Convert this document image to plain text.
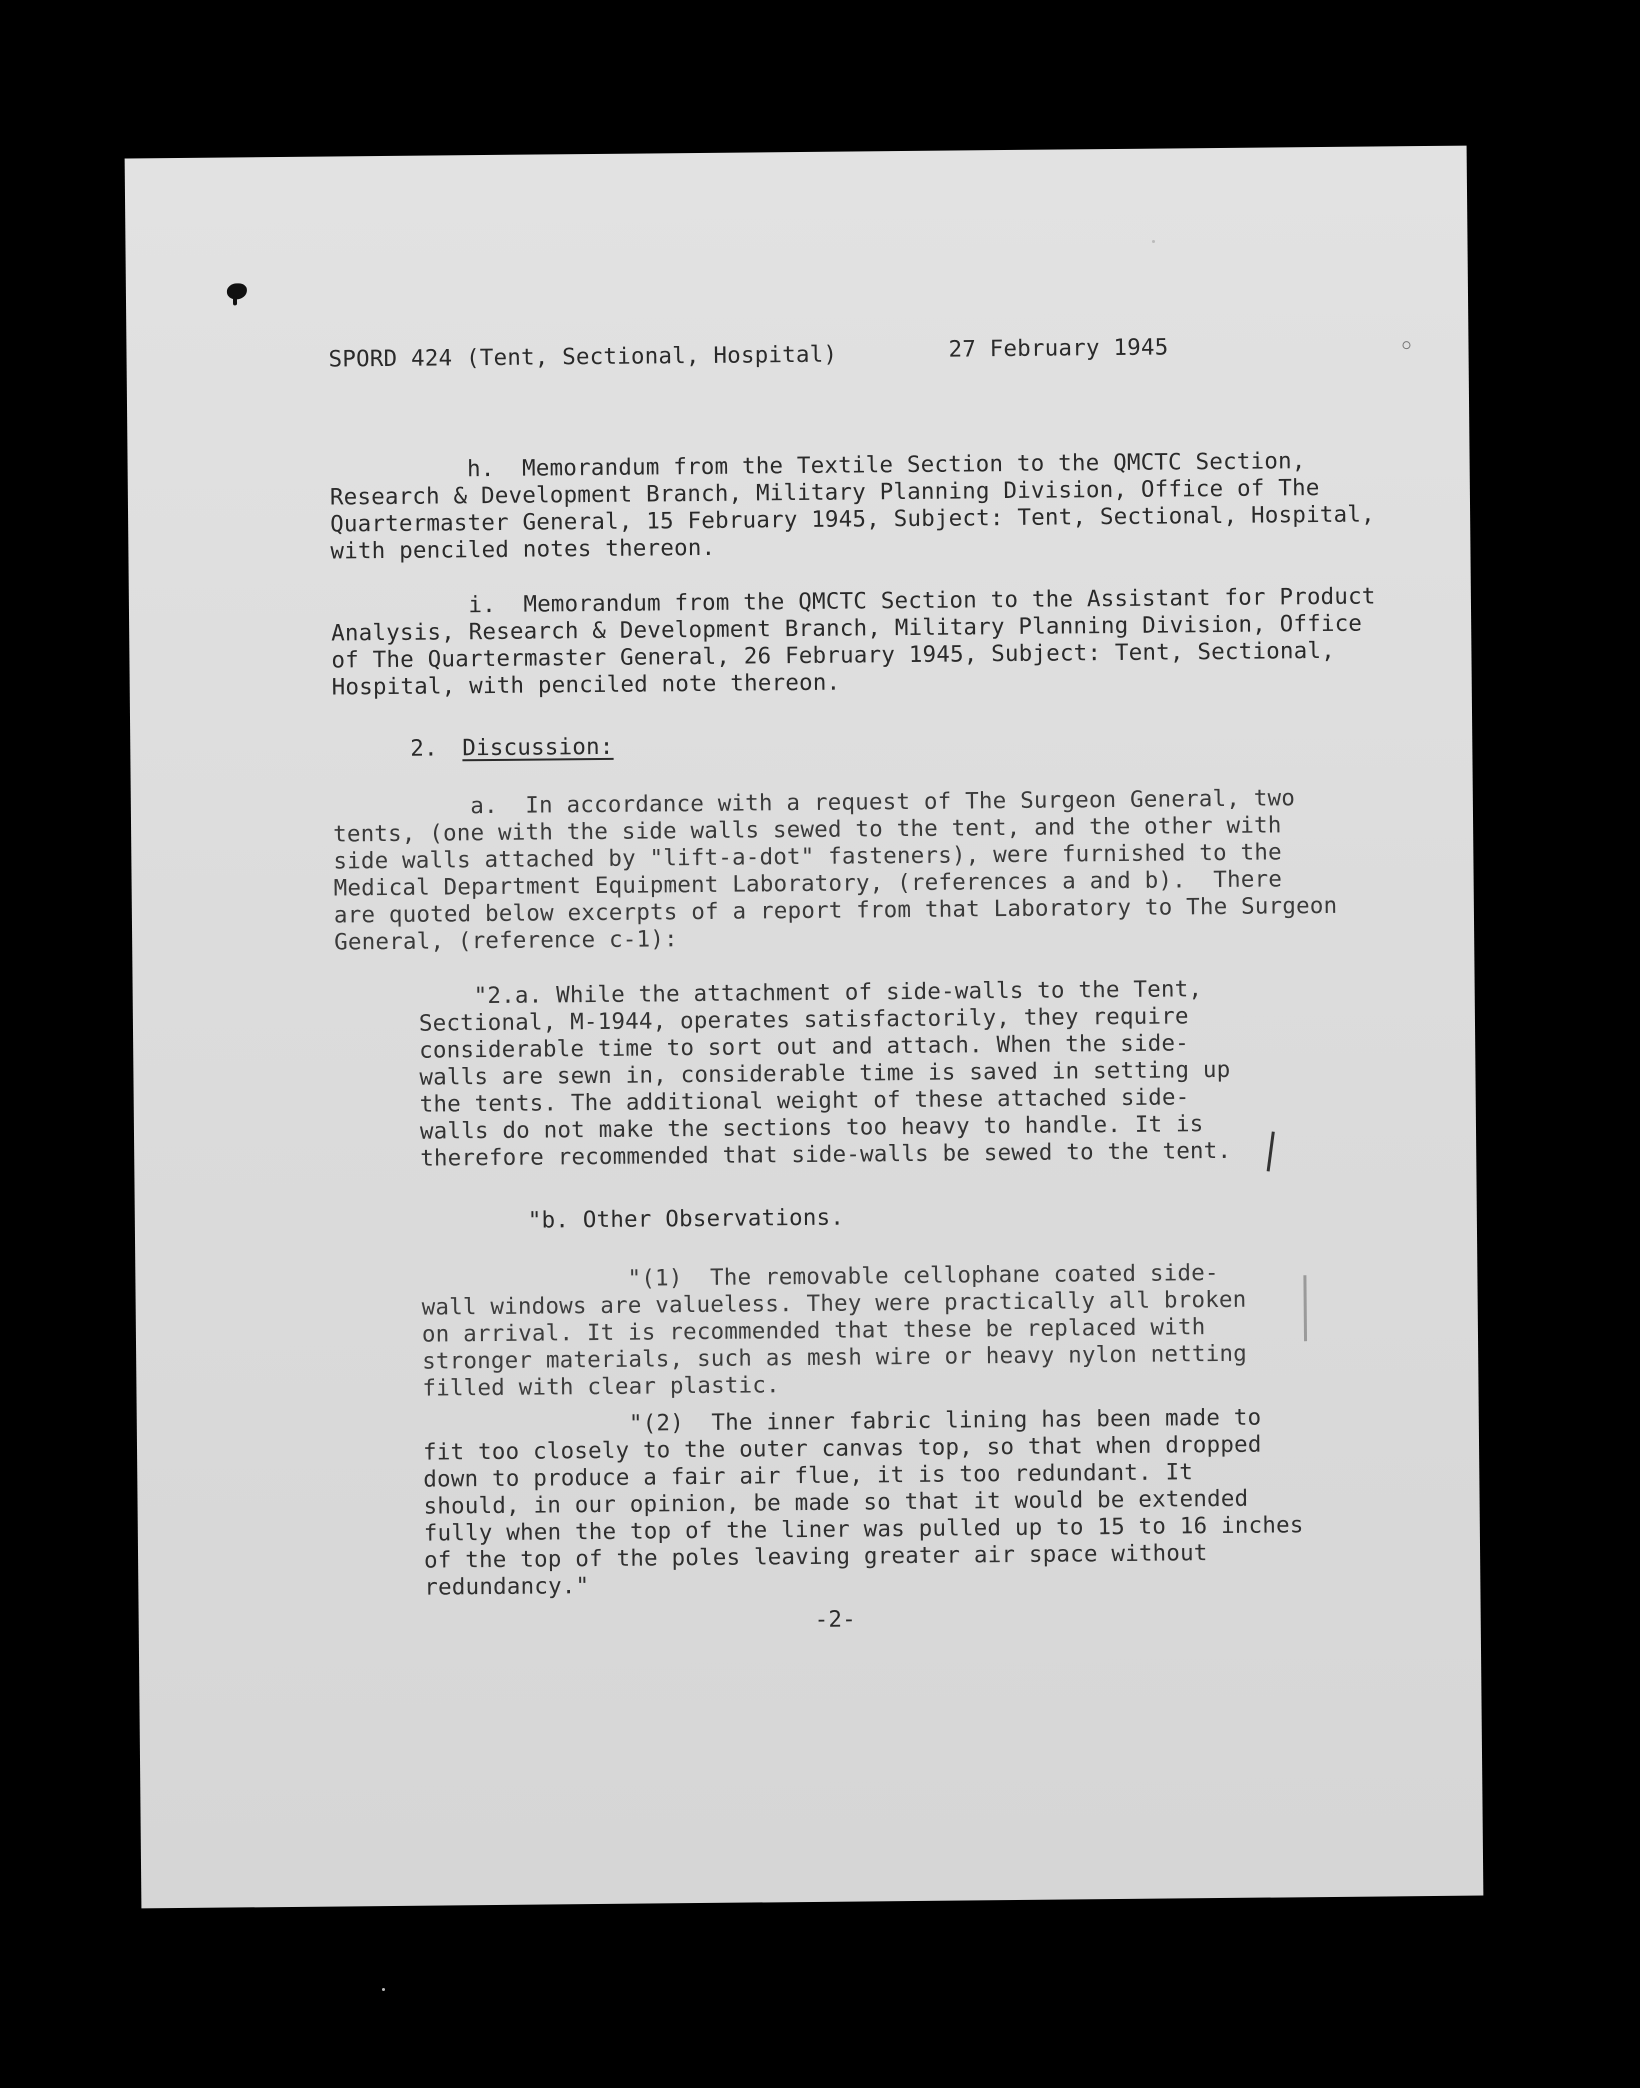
SPORD 424 (Tent, Sectional, Hospital)	27 February 1945
h.  Memorandum from the Textile Section to the QMCTC Section,
Research & Development Branch, Military Planning Division, Office of The
Quartermaster General, 15 February 1945, Subject: Tent, Sectional, Hospital,
with penciled notes thereon.
i.  Memorandum from the QMCTC Section to the Assistant for Product
Analysis, Research & Development Branch, Military Planning Division, Office
of The Quartermaster General, 26 February 1945, Subject: Tent, Sectional,
Hospital, with penciled note thereon.
2. Discussion:
a.  In accordance with a request of The Surgeon General, two
tents, (one with the side walls sewed to the tent, and the other with
side walls attached by "lift-a-dot" fasteners), were furnished to the
Medical Department Equipment Laboratory, (references a and b).  There
are quoted below excerpts of a report from that Laboratory to The Surgeon
General, (reference c-1):
"2.a. While the attachment of side-walls to the Tent,
Sectional, M-1944, operates satisfactorily, they require
considerable time to sort out and attach. When the side-
walls are sewn in, considerable time is saved in setting up
the tents. The additional weight of these attached side-
walls do not make the sections too heavy to handle. It is
therefore recommended that side-walls be sewed to the tent.
"b. Other Observations.
"(1)  The removable cellophane coated side-
wall windows are valueless. They were practically all broken
on arrival. It is recommended that these be replaced with
stronger materials, such as mesh wire or heavy nylon netting
filled with clear plastic.
"(2)  The inner fabric lining has been made to
fit too closely to the outer canvas top, so that when dropped
down to produce a fair air flue, it is too redundant. It
should, in our opinion, be made so that it would be extended
fully when the top of the liner was pulled up to 15 to 16 inches
of the top of the poles leaving greater air space without
redundancy."
-2-
